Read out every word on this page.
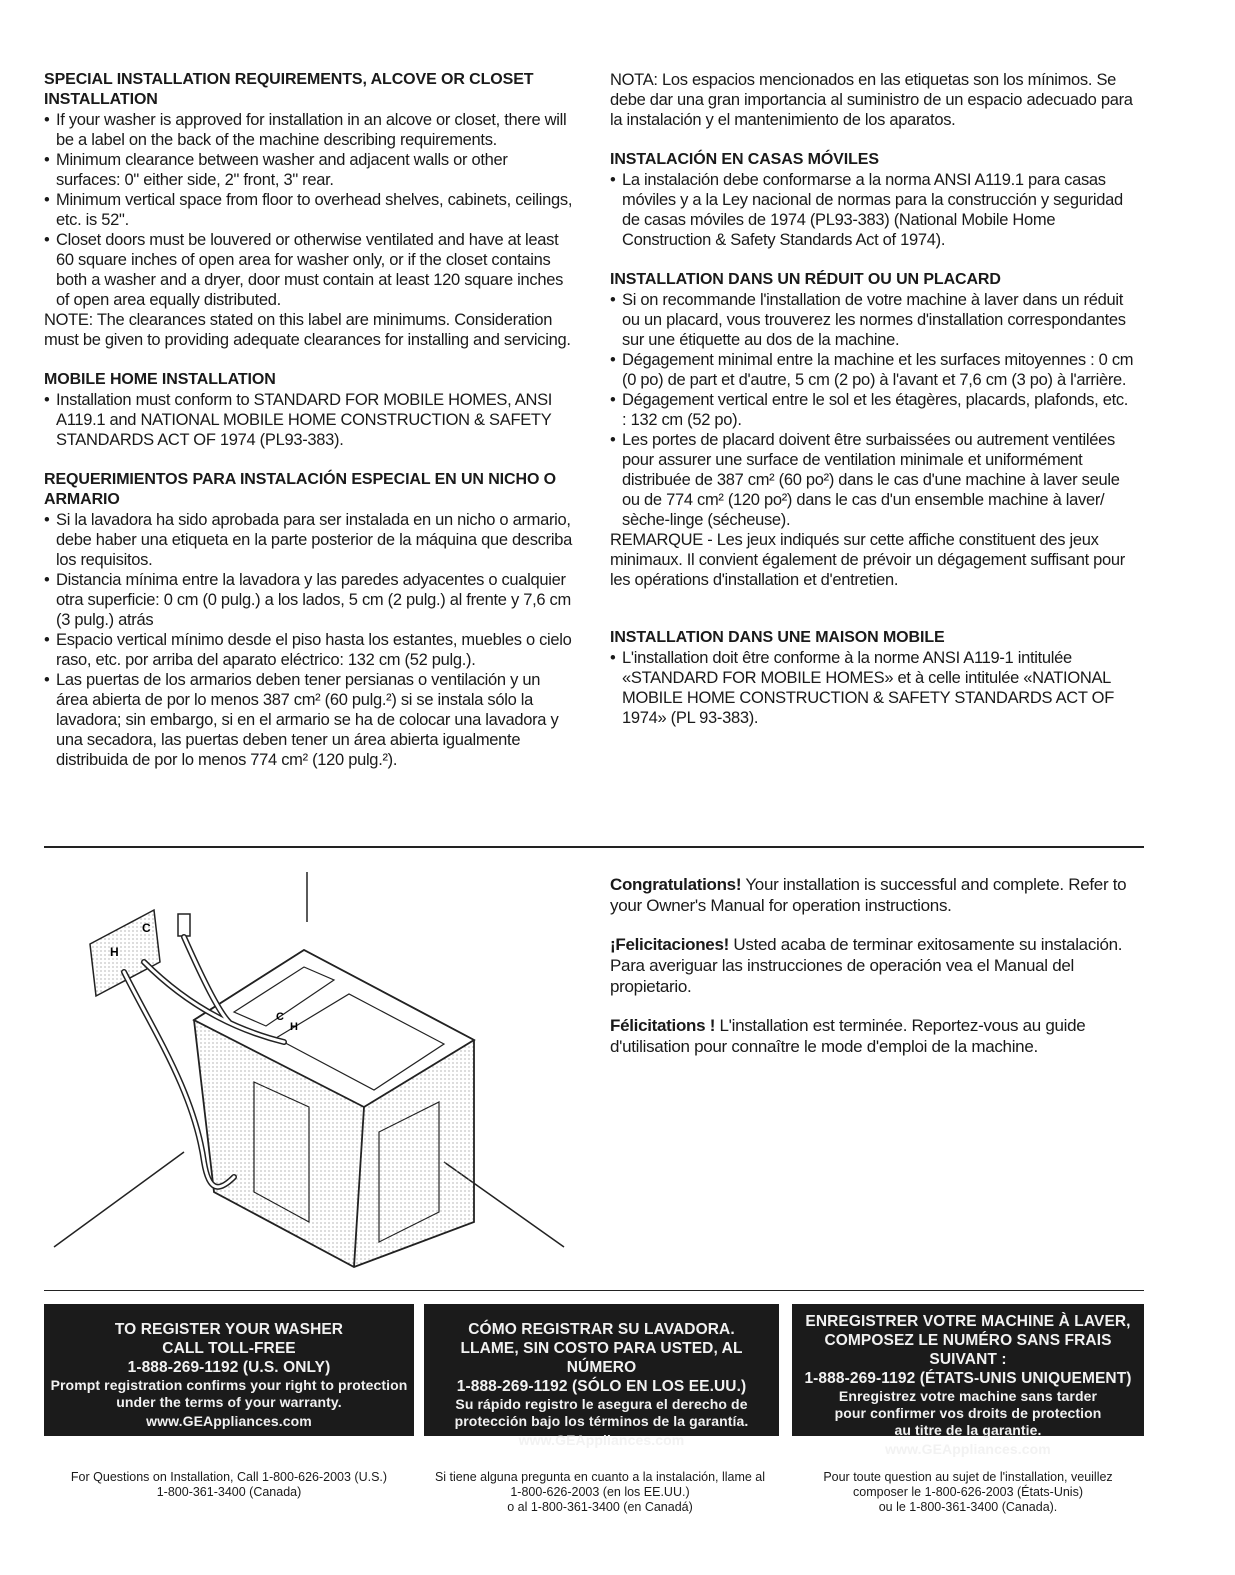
SPECIAL INSTALLATION REQUIREMENTS, ALCOVE OR CLOSET INSTALLATION
• If your washer is approved for installation in an alcove or closet, there will be a label on the back of the machine describing requirements.
• Minimum clearance between washer and adjacent walls or other surfaces: 0" either side, 2" front, 3" rear.
• Minimum vertical space from floor to overhead shelves, cabinets, ceilings, etc. is 52".
• Closet doors must be louvered or otherwise ventilated and have at least 60 square inches of open area for washer only, or if the closet contains both a washer and a dryer, door must contain at least 120 square inches of open area equally distributed.

NOTE: The clearances stated on this label are minimums. Consideration must be given to providing adequate clearances for installing and servicing.

MOBILE HOME INSTALLATION
• Installation must conform to STANDARD FOR MOBILE HOMES, ANSI A119.1 and NATIONAL MOBILE HOME CONSTRUCTION & SAFETY STANDARDS ACT OF 1974 (PL93-383).
REQUERIMIENTOS PARA INSTALACIÓN ESPECIAL EN UN NICHO O ARMARIO
• Si la lavadora ha sido aprobada para ser instalada en un nicho o armario, debe haber una etiqueta en la parte posterior de la máquina que describa los requisitos.
• Distancia mínima entre la lavadora y las paredes adyacentes o cualquier otra superficie: 0 cm (0 pulg.) a los lados, 5 cm (2 pulg.) al frente y 7,6 cm (3 pulg.) atrás
• Espacio vertical mínimo desde el piso hasta los estantes, muebles o cielo raso, etc. por arriba del aparato eléctrico: 132 cm (52 pulg.).
• Las puertas de los armarios deben tener persianas o ventilación y un área abierta de por lo menos 387 cm² (60 pulg.²) si se instala sólo la lavadora; sin embargo, si en el armario se ha de colocar una lavadora y una secadora, las puertas deben tener un área abierta igualmente distribuida de por lo menos 774 cm² (120 pulg.²).

NOTA: Los espacios mencionados en las etiquetas son los mínimos. Se debe dar una gran importancia al suministro de un espacio adecuado para la instalación y el mantenimiento de los aparatos.

INSTALACIÓN EN CASAS MÓVILES
• La instalación debe conformarse a la norma ANSI A119.1 para casas móviles y a la Ley nacional de normas para la construcción y seguridad de casas móviles de 1974 (PL93-383) (National Mobile Home Construction & Safety Standards Act of 1974).
INSTALLATION DANS UN RÉDUIT OU UN PLACARD
• Si on recommande l'installation de votre machine à laver dans un réduit ou un placard, vous trouverez les normes d'installation correspondantes sur une étiquette au dos de la machine.
• Dégagement minimal entre la machine et les surfaces mitoyennes : 0 cm (0 po) de part et d'autre, 5 cm (2 po) à l'avant et 7,6 cm (3 po) à l'arrière.
• Dégagement vertical entre le sol et les étagères, placards, plafonds, etc. : 132 cm (52 po).
• Les portes de placard doivent être surbaissées ou autrement ventilées pour assurer une surface de ventilation minimale et uniformément distribuée de 387 cm² (60 po²) dans le cas d'une machine à laver seule ou de 774 cm² (120 po²) dans le cas d'un ensemble machine à laver/ sèche-linge (sécheuse).

REMARQUE - Les jeux indiqués sur cette affiche constituent des jeux minimaux. Il convient également de prévoir un dégagement suffisant pour les opérations d'installation et d'entretien.

INSTALLATION DANS UNE MAISON MOBILE
• L'installation doit être conforme à la norme ANSI A119-1 intitulée «STANDARD FOR MOBILE HOMES» et à celle intitulée «NATIONAL MOBILE HOME CONSTRUCTION & SAFETY STANDARDS ACT OF 1974» (PL 93-383).
H
C
C
H

Congratulations! Your installation is successful and complete. Refer to your Owner's Manual for operation instructions.

¡Felicitaciones! Usted acaba de terminar exitosamente su instalación. Para averiguar las instrucciones de operación vea el Manual del propietario.

Félicitations ! L'installation est terminée. Reportez-vous au guide d'utilisation pour connaître le mode d'emploi de la machine.

TO REGISTER YOUR WASHER
CALL TOLL-FREE
1-888-269-1192 (U.S. ONLY)
Prompt registration confirms your right to protection
under the terms of your warranty.
www.GEAppliances.com
CÓMO REGISTRAR SU LAVADORA.
LLAME, SIN COSTO PARA USTED, AL NÚMERO
1-888-269-1192 (SÓLO EN LOS EE.UU.)
Su rápido registro le asegura el derecho de
protección bajo los términos de la garantía.
www.GEAppliances.com
ENREGISTRER VOTRE MACHINE À LAVER,
COMPOSEZ LE NUMÉRO SANS FRAIS SUIVANT :
1-888-269-1192 (ÉTATS-UNIS UNIQUEMENT)
Enregistrez votre machine sans tarder
pour confirmer vos droits de protection
au titre de la garantie.
www.GEAppliances.com
For Questions on Installation, Call 1-800-626-2003 (U.S.)
1-800-361-3400 (Canada)
Si tiene alguna pregunta en cuanto a la instalación, llame al
1-800-626-2003 (en los EE.UU.)
o al 1-800-361-3400 (en Canadá)
Pour toute question au sujet de l'installation, veuillez
composer le 1-800-626-2003 (États-Unis)
ou le 1-800-361-3400 (Canada).
